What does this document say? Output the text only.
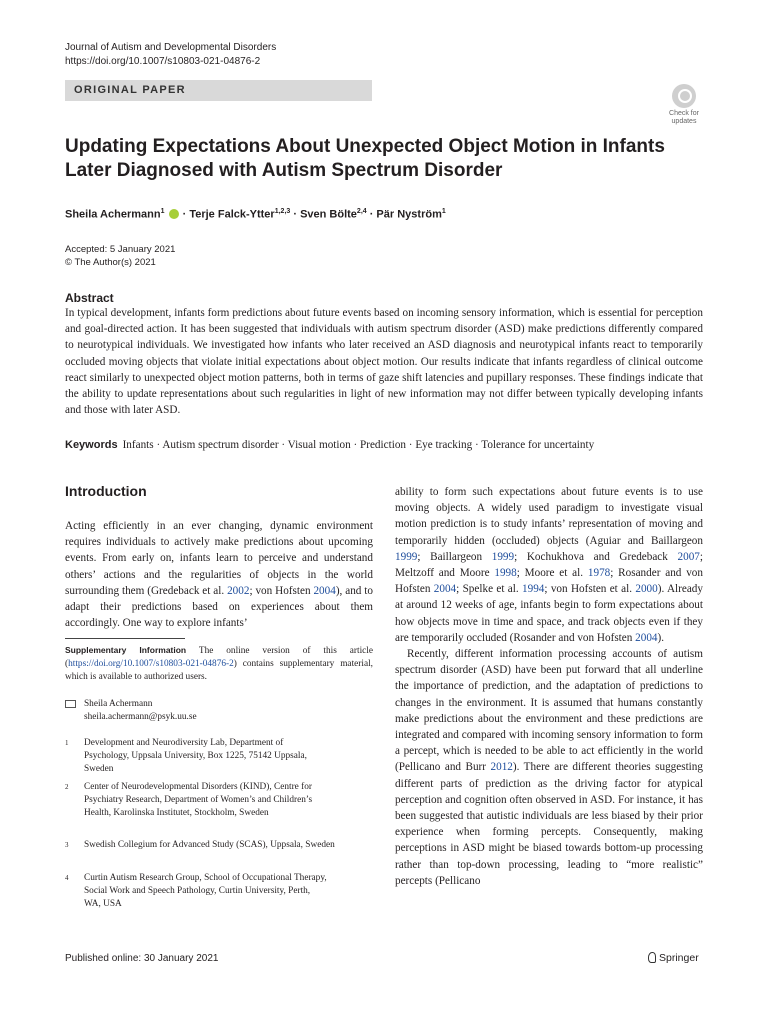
Journal of Autism and Developmental Disorders
https://doi.org/10.1007/s10803-021-04876-2
ORIGINAL PAPER
Check for
updates
Updating Expectations About Unexpected Object Motion in Infants
Later Diagnosed with Autism Spectrum Disorder
Sheila Achermann$^1$  · Terje Falck-Ytter$^{1,2,3}$ · Sven Bölte$^{2,4}$ · Pär Nyström$^1$
Accepted: 5 January 2021
© The Author(s) 2021
Abstract
In typical development, infants form predictions about future events based on incoming sensory information, which is essential for perception and goal-directed action. It has been suggested that individuals with autism spectrum disorder (ASD) make predictions differently compared to neurotypical individuals. We investigated how infants who later received an ASD diagnosis and neurotypical infants react to temporarily occluded moving objects that violate initial expectations about object motion. Our results indicate that infants regardless of clinical outcome react similarly to unexpected object motion patterns, both in terms of gaze shift latencies and pupillary responses. These findings indicate that the ability to update representations about such regularities in light of new information may not differ between typically developing infants and those with later ASD.
Keywords Infants · Autism spectrum disorder · Visual motion · Prediction · Eye tracking · Tolerance for uncertainty
Introduction

Acting efficiently in an ever changing, dynamic environment requires individuals to actively make predictions about upcoming events. From early on, infants learn to perceive and understand others’ actions and the regularities of objects in the world surrounding them (Gredeback et al. 2002; von Hofsten 2004), and to adapt their predictions based on experiences about them accordingly. One way to explore infants’

Supplementary Information The online version of this article (https://doi.org/10.1007/s10803-021-04876-2) contains supplementary material, which is available to authorized users.
Sheila Achermann
sheila.achermann@psyk.uu.se
1 Development and Neurodiversity Lab, Department of Psychology, Uppsala University, Box 1225, 75142 Uppsala, Sweden
2 Center of Neurodevelopmental Disorders (KIND), Centre for Psychiatry Research, Department of Women’s and Children’s Health, Karolinska Institutet, Stockholm, Sweden
3 Swedish Collegium for Advanced Study (SCAS), Uppsala, Sweden
4 Curtin Autism Research Group, School of Occupational Therapy, Social Work and Speech Pathology, Curtin University, Perth, WA, USA

ability to form such expectations about future events is to use moving objects. A widely used paradigm to investigate visual motion prediction is to study infants’ representation of moving and temporarily hidden (occluded) objects (Aguiar and Baillargeon 1999; Baillargeon 1999; Kochukhova and Gredeback 2007; Meltzoff and Moore 1998; Moore et al. 1978; Rosander and von Hofsten 2004; Spelke et al. 1994; von Hofsten et al. 2000). Already at around 12 weeks of age, infants begin to form expectations about how objects move in time and space, and track objects even if they are temporarily occluded (Rosander and von Hofsten 2004).

Recently, different information processing accounts of autism spectrum disorder (ASD) have been put forward that all underline the importance of prediction, and the adaptation of predictions to changes in the environment. It is assumed that humans constantly make predictions about the environment and these predictions are integrated and compared with incoming sensory information to form a percept, which is needed to be able to act efficiently in the world (Pellicano and Burr 2012). There are different theories suggesting different parts of prediction as the driving factor for atypical perception and cognition often observed in ASD. For instance, it has been suggested that autistic individuals are less biased by their prior experience when forming percepts. Consequently, making perceptions in ASD might be biased towards bottom-up processing rather than top-down processing, leading to “more realistic” percepts (Pellicano

Published online: 30 January 2021	Springer
